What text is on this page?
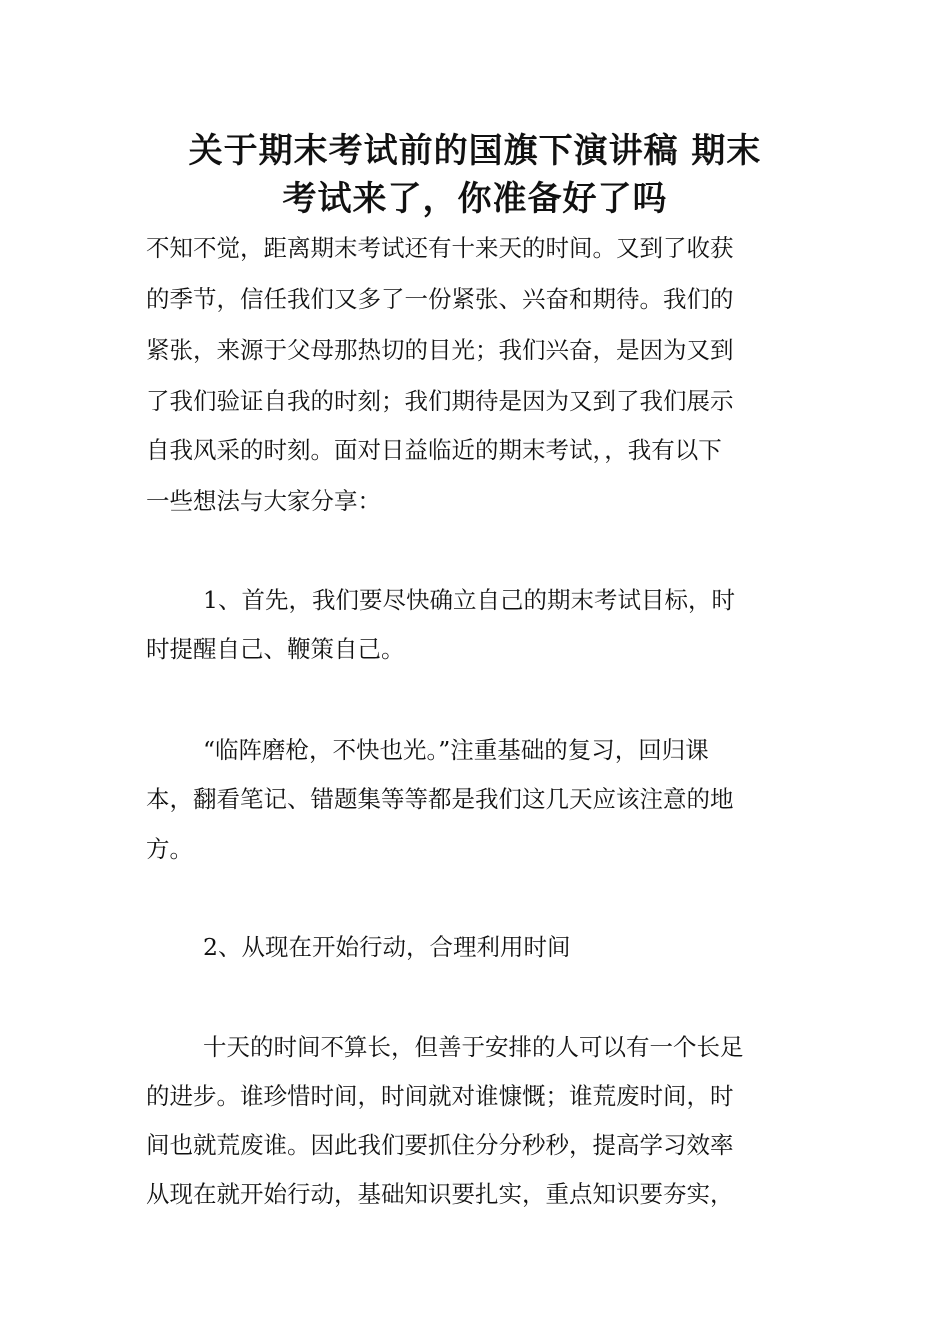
关于期末考试前的国旗下演讲稿 期末
考试来了，你准备好了吗

不知不觉，距离期末考试还有十来天的时间。又到了收获

的季节，信任我们又多了一份紧张、兴奋和期待。我们的

紧张，来源于父母那热切的目光；我们兴奋，是因为又到

了我们验证自我的时刻；我们期待是因为又到了我们展示

自我风采的时刻。面对日益临近的期末考试，，我有以下

一些想法与大家分享：

1、首先，我们要尽快确立自己的期末考试目标，时

时提醒自己、鞭策自己。

“临阵磨枪，不快也光。”注重基础的复习，回归课

本，翻看笔记、错题集等等都是我们这几天应该注意的地

方。

2、从现在开始行动，合理利用时间

十天的时间不算长，但善于安排的人可以有一个长足

的进步。谁珍惜时间，时间就对谁慷慨；谁荒废时间，时

间也就荒废谁。因此我们要抓住分分秒秒，提高学习效率

从现在就开始行动，基础知识要扎实，重点知识要夯实，
